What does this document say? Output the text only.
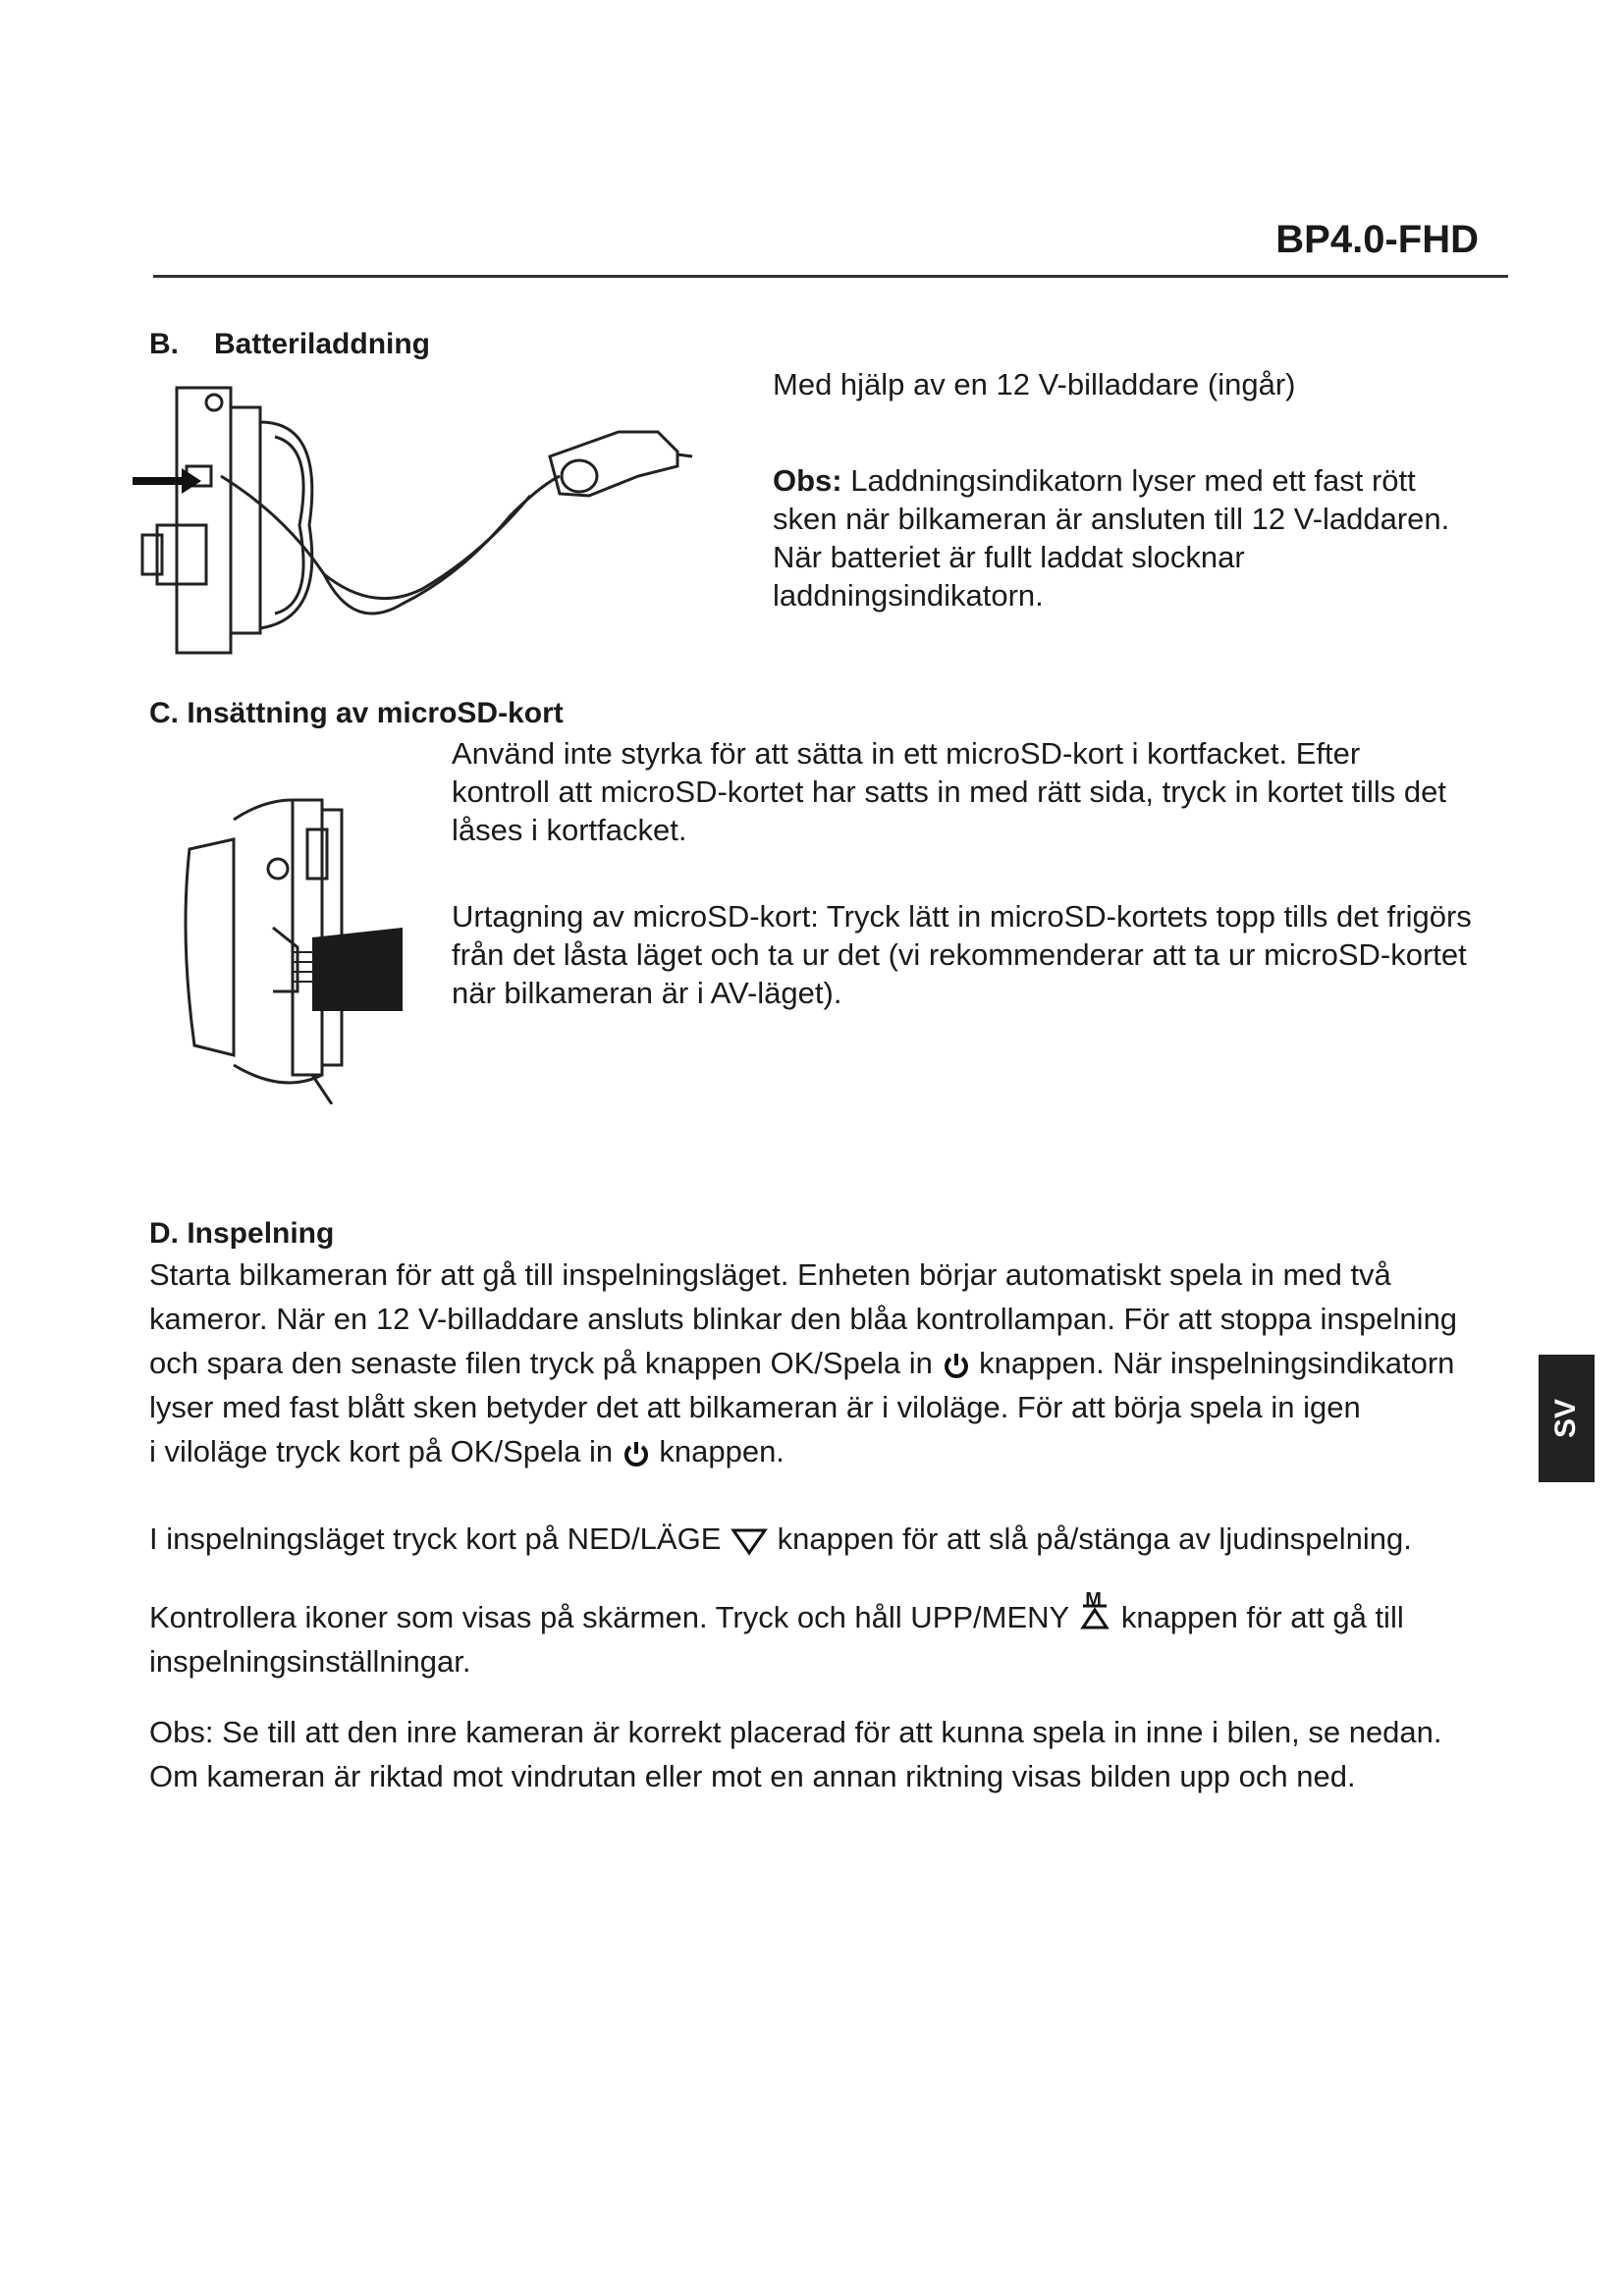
BP4.0-FHD
B. Batteriladdning
Med hjälp av en 12 V-billaddare (ingår)
Obs: Laddningsindikatorn lyser med ett fast rött
sken när bilkameran är ansluten till 12 V-laddaren.
När batteriet är fullt laddat slocknar
laddningsindikatorn.
C. Insättning av microSD-kort
Använd inte styrka för att sätta in ett microSD-kort i kortfacket. Efter
kontroll att microSD-kortet har satts in med rätt sida, tryck in kortet tills det
låses i kortfacket.
Urtagning av microSD-kort: Tryck lätt in microSD-kortets topp tills det frigörs
från det låsta läget och ta ur det (vi rekommenderar att ta ur microSD-kortet
när bilkameran är i AV-läget).
D. Inspelning
Starta bilkameran för att gå till inspelningsläget. Enheten börjar automatiskt spela in med två
kameror. När en 12 V-billaddare ansluts blinkar den blåa kontrollampan. För att stoppa inspelning
och spara den senaste filen tryck på knappen OK/Spela in knappen. När inspelningsindikatorn
lyser med fast blått sken betyder det att bilkameran är i viloläge. För att börja spela in igen
i viloläge tryck kort på OK/Spela in knappen.
I inspelningsläget tryck kort på NED/LÄGE knappen för att slå på/stänga av ljudinspelning.
Kontrollera ikoner som visas på skärmen. Tryck och håll UPP/MENY M knappen för att gå till
inspelningsinställningar.
Obs: Se till att den inre kameran är korrekt placerad för att kunna spela in inne i bilen, se nedan.
Om kameran är riktad mot vindrutan eller mot en annan riktning visas bilden upp och ned.
SV
